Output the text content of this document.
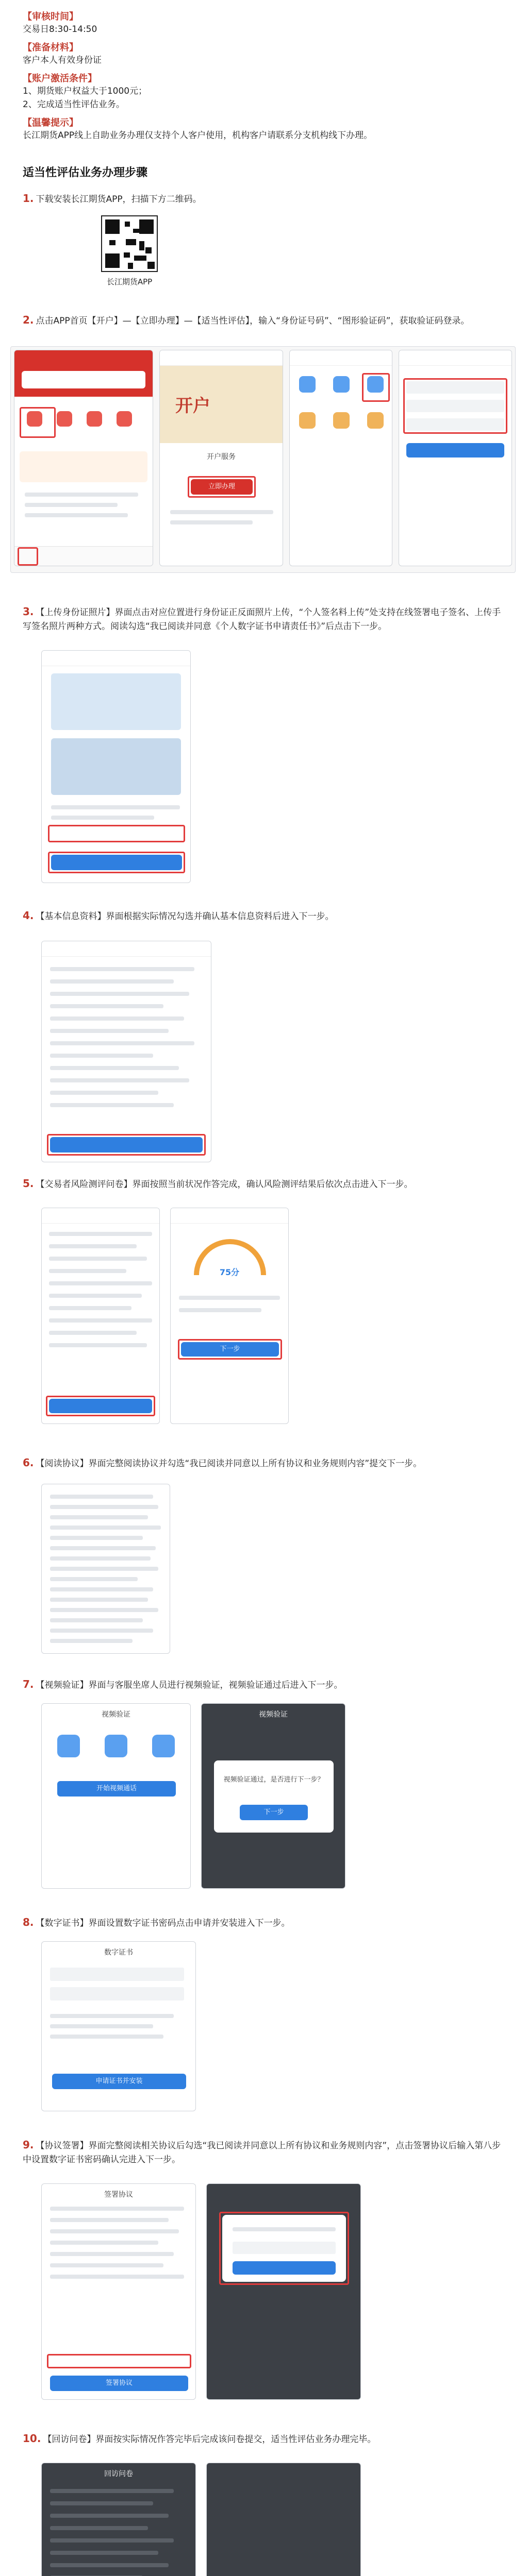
【审核时间】
交易日8:30-14:50
【准备材料】
客户本人有效身份证
【账户激活条件】
1、期货账户权益大于1000元；
2、完成适当性评估业务。
【温馨提示】
长江期货APP线上自助业务办理仅支持个人客户使用，机构客户请联系分支机构线下办理。
适当性评估业务办理步骤
1. 下载安装长江期货APP，扫描下方二维码。
长江期货APP
2. 点击APP首页【开户】—【立即办理】—【适当性评估】，输入“身份证号码”、“图形验证码”，获取验证码登录。
开户
开户服务
立即办理
3. 【上传身份证照片】界面点击对应位置进行身份证正反面照片上传，“个人签名料上传”处支持在线签署电子签名、上传手写签名照片两种方式。阅读勾选“我已阅读并同意《个人数字证书申请责任书》”后点击下一步。
4. 【基本信息资料】界面根据实际情况勾选并确认基本信息资料后进入下一步。
5. 【交易者风险测评问卷】界面按照当前状况作答完成，确认风险测评结果后依次点击进入下一步。
75分
下一步
6. 【阅读协议】界面完整阅读协议并勾选“我已阅读并同意以上所有协议和业务规则内容”提交下一步。
7. 【视频验证】界面与客服坐席人员进行视频验证，视频验证通过后进入下一步。
视频验证
开始视频通话
视频验证
视频验证通过，是否进行下一步？
下一步
8. 【数字证书】界面设置数字证书密码点击申请并安装进入下一步。
数字证书
申请证书并安装
9. 【协议签署】界面完整阅读相关协议后勾选“我已阅读并同意以上所有协议和业务规则内容”，点击签署协议后输入第八步中设置数字证书密码确认完进入下一步。
签署协议
签署协议
10. 【回访问卷】界面按实际情况作答完毕后完成该问卷提交，适当性评估业务办理完毕。
回访问卷
